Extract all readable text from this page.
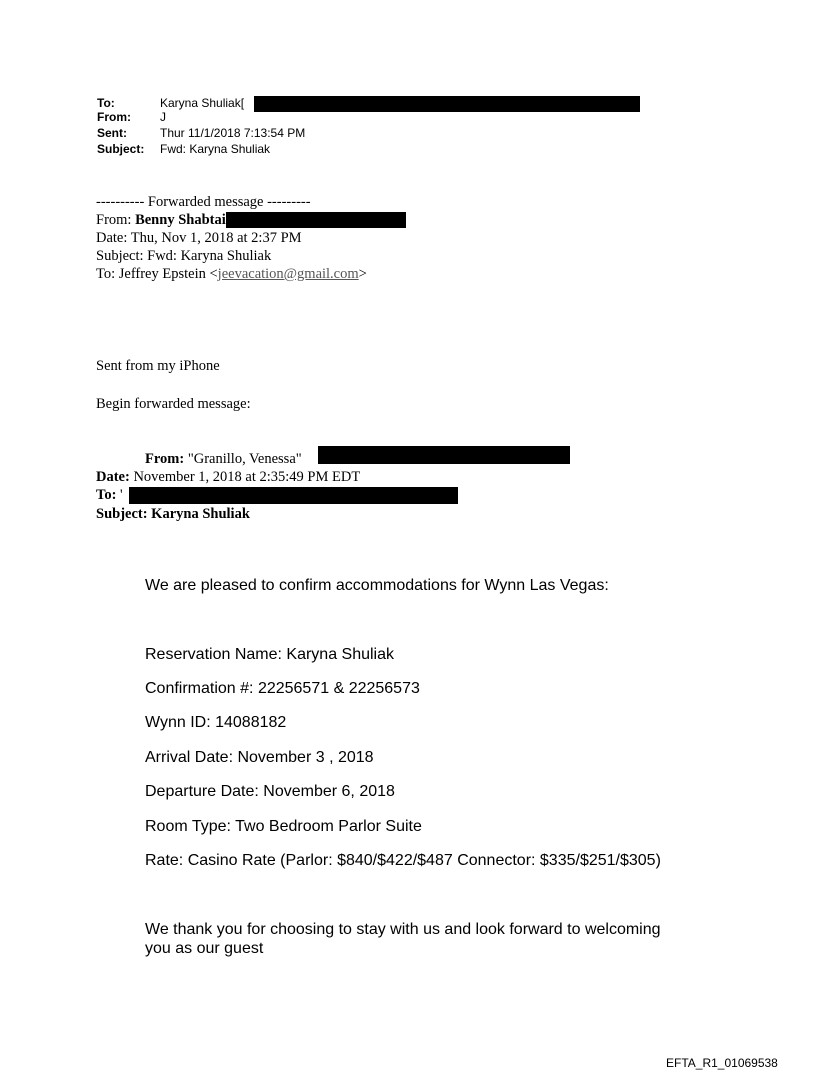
To:	Karyna Shuliak[
From: J
Sent:	Thur 11/1/2018 7:13:54 PM
Subject: Fwd: Karyna Shuliak
---------- Forwarded message ---------
From: Benny Shabtai
Date: Thu, Nov 1, 2018 at 2:37 PM
Subject: Fwd: Karyna Shuliak
To: Jeffrey Epstein <jeevacation@gmail.com>
Sent from my iPhone
Begin forwarded message:
From: "Granillo, Venessa"
Date: November 1, 2018 at 2:35:49 PM EDT
To: '
Subject: Karyna Shuliak
We are pleased to confirm accommodations for Wynn Las Vegas:
Reservation Name: Karyna Shuliak
Confirmation #: 22256571 & 22256573
Wynn ID: 14088182
Arrival Date: November 3 , 2018
Departure Date: November 6, 2018
Room Type: Two Bedroom Parlor Suite
Rate: Casino Rate (Parlor: $840/$422/$487 Connector: $335/$251/$305)
We thank you for choosing to stay with us and look forward to welcoming
you as our guest
EFTA_R1_01069538
